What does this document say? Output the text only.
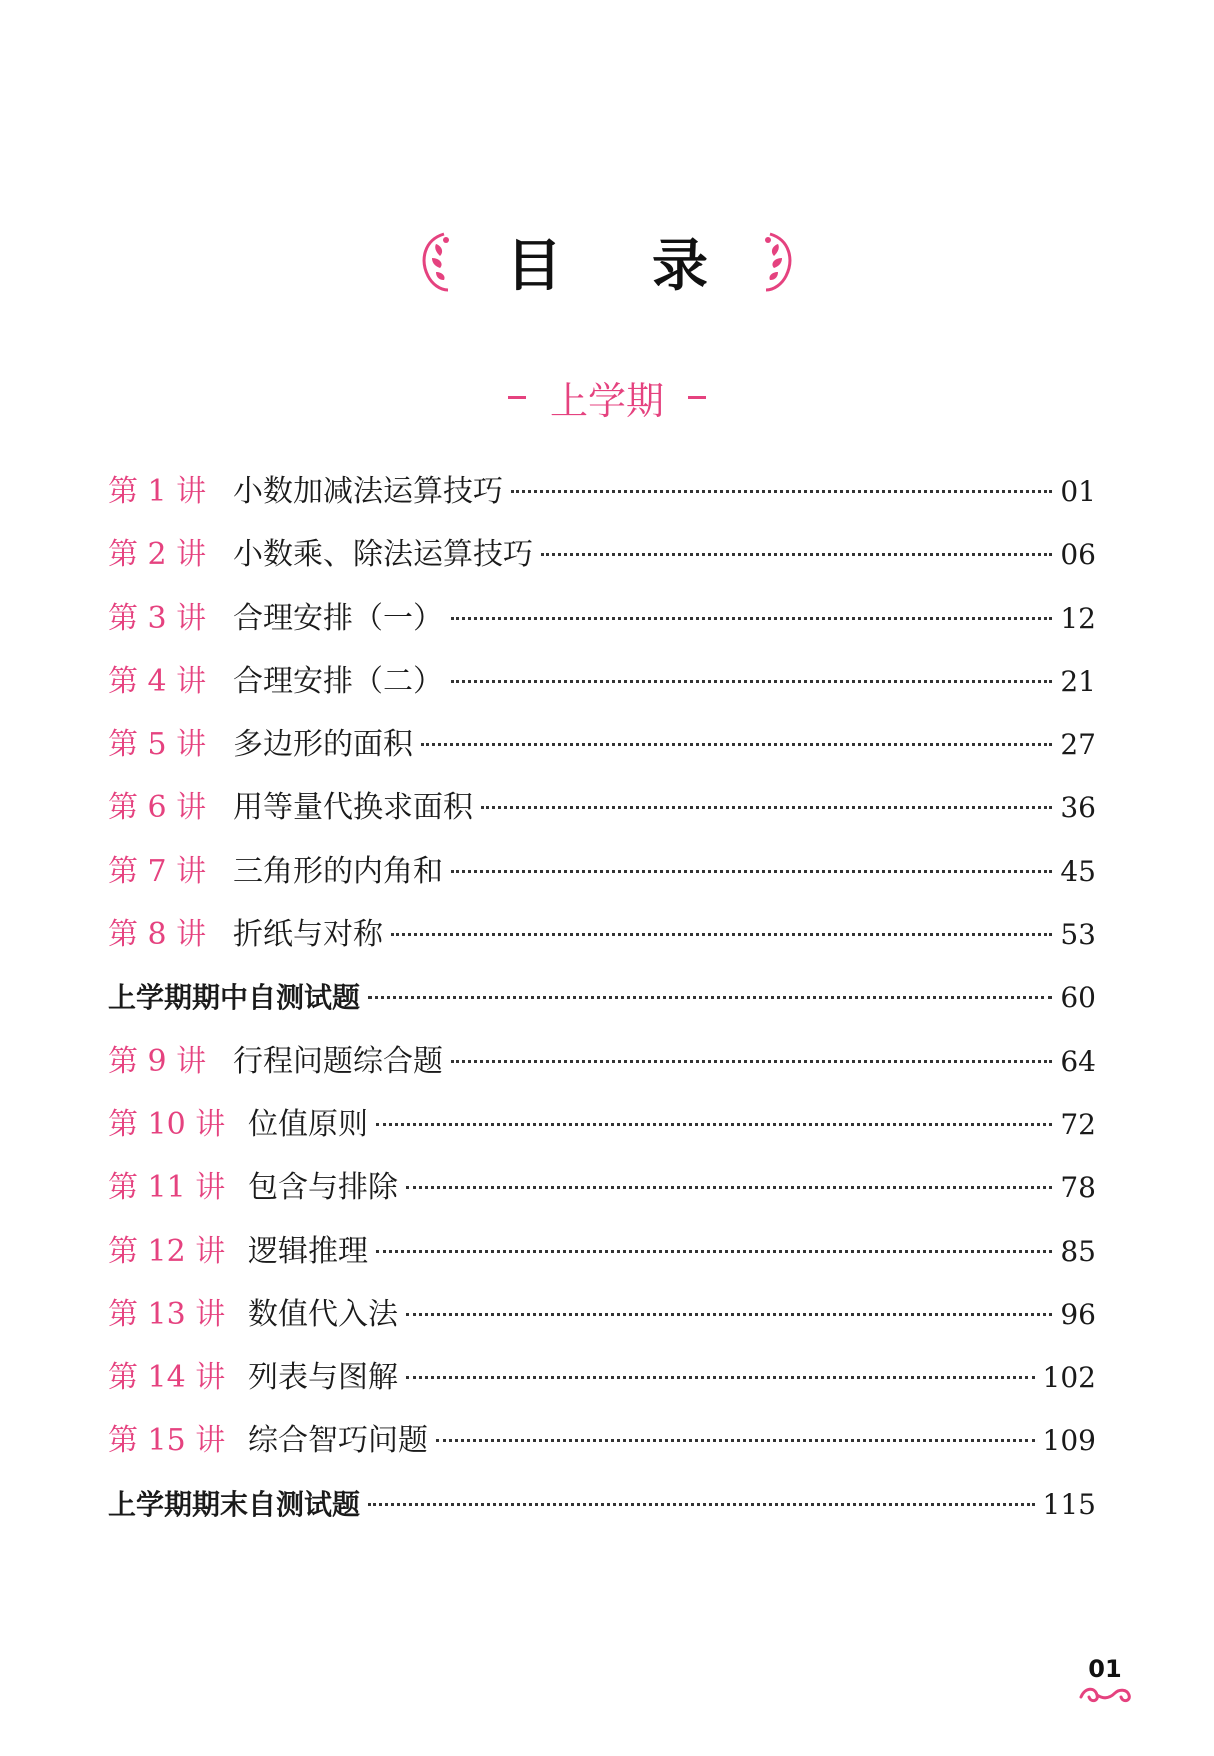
目 录
上学期
第 1 讲 小数加减法运算技巧	01
第 2 讲 小数乘、除法运算技巧	06
第 3 讲 合理安排（一）	12
第 4 讲 合理安排（二）	21
第 5 讲 多边形的面积	27
第 6 讲 用等量代换求面积	36
第 7 讲 三角形的内角和	45
第 8 讲 折纸与对称	53
上学期期中自测试题	60
第 9 讲 行程问题综合题	64
第 10 讲 位值原则	72
第 11 讲 包含与排除	78
第 12 讲 逻辑推理	85
第 13 讲 数值代入法	96
第 14 讲 列表与图解	102
第 15 讲 综合智巧问题	109
上学期期末自测试题	115
01
